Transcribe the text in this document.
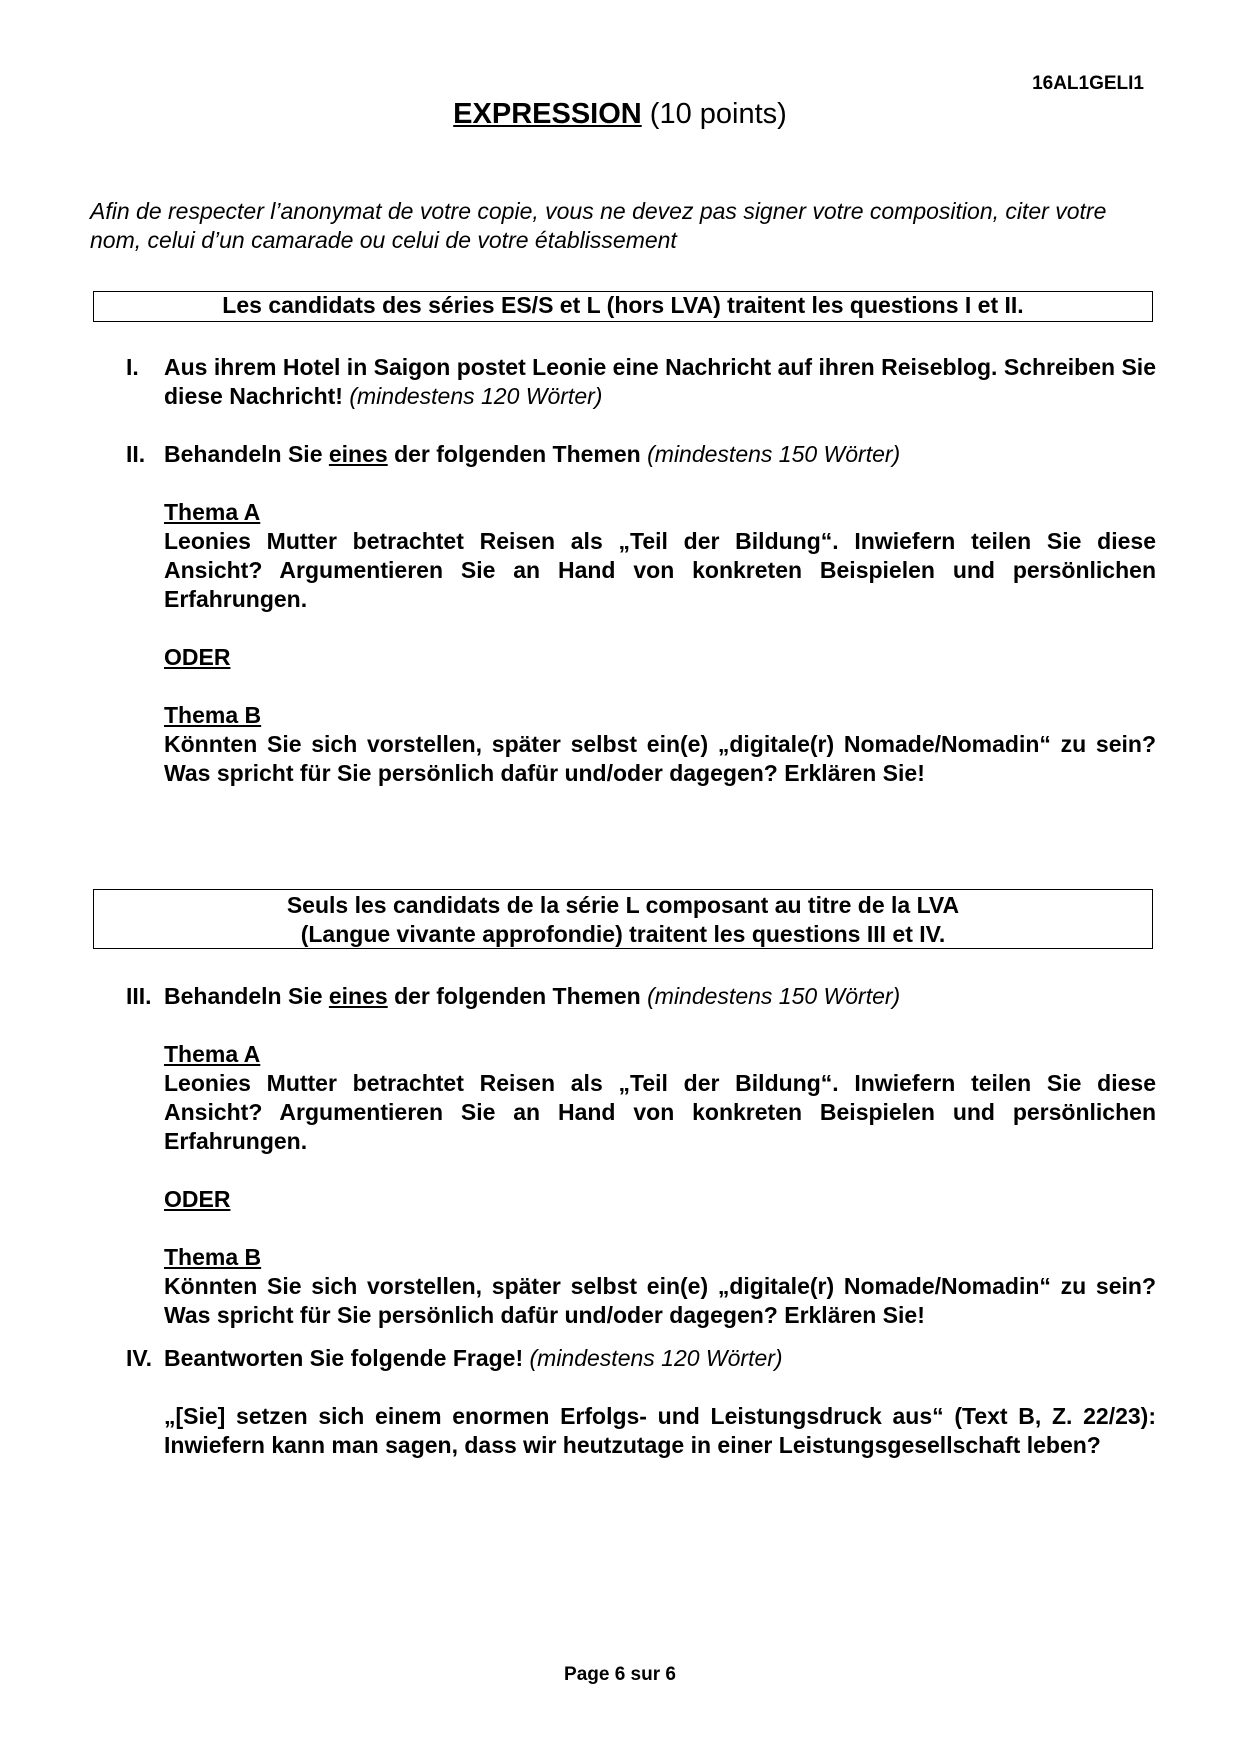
16AL1GELI1
EXPRESSION (10 points)
Afin de respecter l’anonymat de votre copie, vous ne devez pas signer votre composition, citer votre nom, celui d’un camarade ou celui de votre établissement
Les candidats des séries ES/S et L (hors LVA) traitent les questions I et II.
I. Aus ihrem Hotel in Saigon postet Leonie eine Nachricht auf ihren Reiseblog. Schreiben Sie diese Nachricht! (mindestens 120 Wörter)
II. Behandeln Sie eines der folgenden Themen (mindestens 150 Wörter)
Thema A
Leonies Mutter betrachtet Reisen als „Teil der Bildung“. Inwiefern teilen Sie diese Ansicht? Argumentieren Sie an Hand von konkreten Beispielen und persönlichen Erfahrungen.
ODER
Thema B
Könnten Sie sich vorstellen, später selbst ein(e) „digitale(r) Nomade/Nomadin“ zu sein? Was spricht für Sie persönlich dafür und/oder dagegen? Erklären Sie!
Seuls les candidats de la série L composant au titre de la LVA
(Langue vivante approfondie) traitent les questions III et IV.
III. Behandeln Sie eines der folgenden Themen (mindestens 150 Wörter)
Thema A
Leonies Mutter betrachtet Reisen als „Teil der Bildung“. Inwiefern teilen Sie diese Ansicht? Argumentieren Sie an Hand von konkreten Beispielen und persönlichen Erfahrungen.
ODER
Thema B
Könnten Sie sich vorstellen, später selbst ein(e) „digitale(r) Nomade/Nomadin“ zu sein? Was spricht für Sie persönlich dafür und/oder dagegen? Erklären Sie!
IV. Beantworten Sie folgende Frage! (mindestens 120 Wörter)
„[Sie] setzen sich einem enormen Erfolgs- und Leistungsdruck aus“ (Text B, Z. 22/23): Inwiefern kann man sagen, dass wir heutzutage in einer Leistungsgesellschaft leben?
Page 6 sur 6
